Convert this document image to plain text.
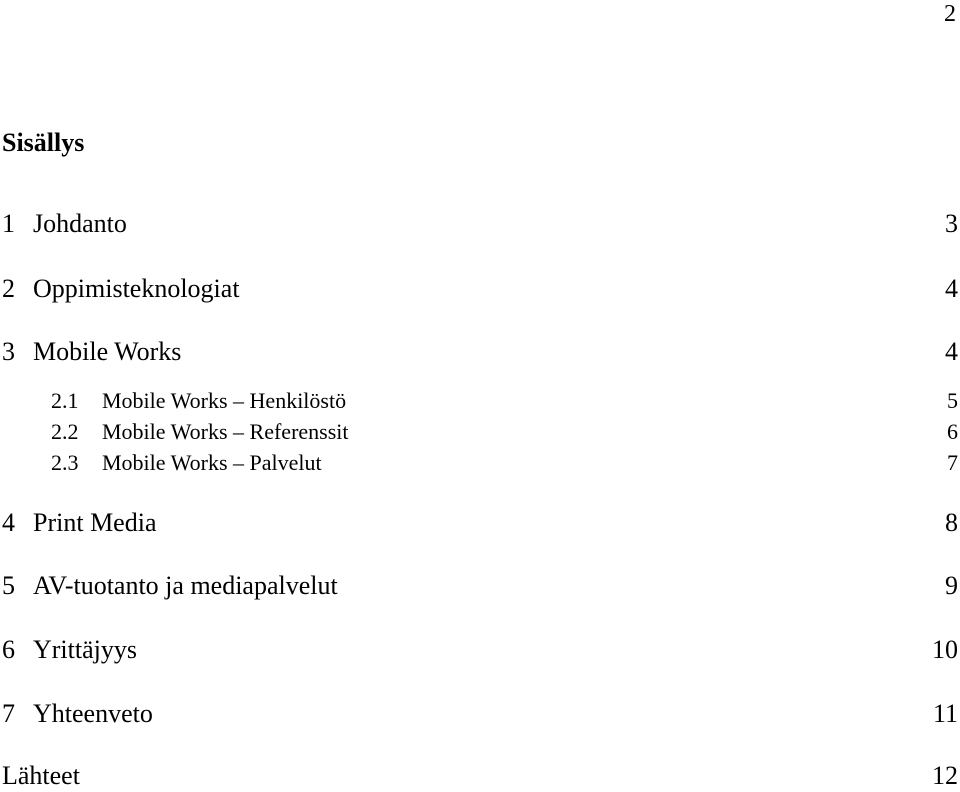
2
Sisällys
1 Johdanto	3
2 Oppimisteknologiat	4
3 Mobile Works	4
2.1	Mobile Works – Henkilöstö	5
2.2	Mobile Works – Referenssit	6
2.3	Mobile Works – Palvelut	7
4 Print Media	8
5 AV-tuotanto ja mediapalvelut	9
6 Yrittäjyys	10
7 Yhteenveto	11
Lähteet	12
